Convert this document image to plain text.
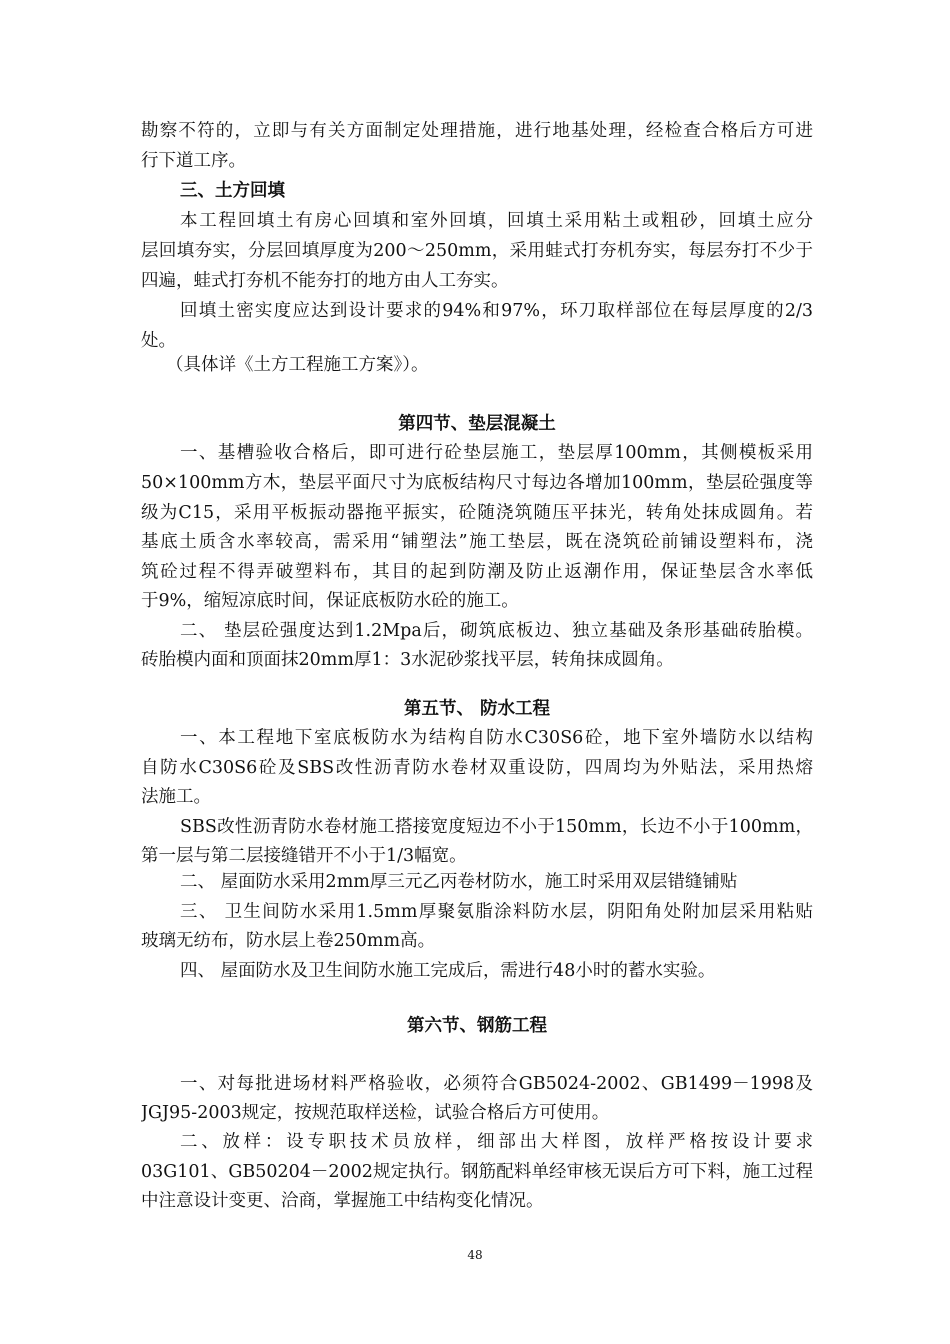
勘察不符的，立即与有关方面制定处理措施，进行地基处理，经检查合格后方可进
行下道工序。
三、土方回填
本工程回填土有房心回填和室外回填，回填土采用粘土或粗砂，回填土应分
层回填夯实，分层回填厚度为200～250mm，采用蛙式打夯机夯实，每层夯打不少于
四遍，蛙式打夯机不能夯打的地方由人工夯实。
回填土密实度应达到设计要求的94%和97%，环刀取样部位在每层厚度的2/3
处。
（具体详《土方工程施工方案》）。
第四节、垫层混凝土
一、基槽验收合格后，即可进行砼垫层施工，垫层厚100mm，其侧模板采用
50×100mm方木，垫层平面尺寸为底板结构尺寸每边各增加100mm，垫层砼强度等
级为C15，采用平板振动器拖平振实，砼随浇筑随压平抹光，转角处抹成圆角。若
基底土质含水率较高，需采用“铺塑法”施工垫层，既在浇筑砼前铺设塑料布，浇
筑砼过程不得弄破塑料布，其目的起到防潮及防止返潮作用，保证垫层含水率低
于9%，缩短凉底时间，保证底板防水砼的施工。
二、 垫层砼强度达到1.2Mpa后，砌筑底板边、独立基础及条形基础砖胎模。
砖胎模内面和顶面抹20mm厚1：3水泥砂浆找平层，转角抹成圆角。
第五节、 防水工程
一、本工程地下室底板防水为结构自防水C30S6砼，地下室外墙防水以结构
自防水C30S6砼及SBS改性沥青防水卷材双重设防，四周均为外贴法，采用热熔
法施工。
SBS改性沥青防水卷材施工搭接宽度短边不小于150mm，长边不小于100mm，
第一层与第二层接缝错开不小于1/3幅宽。
二、 屋面防水采用2mm厚三元乙丙卷材防水，施工时采用双层错缝铺贴
三、 卫生间防水采用1.5mm厚聚氨脂涂料防水层，阴阳角处附加层采用粘贴
玻璃无纺布，防水层上卷250mm高。
四、 屋面防水及卫生间防水施工完成后，需进行48小时的蓄水实验。
第六节、钢筋工程
一、对每批进场材料严格验收，必须符合GB5024-2002、GB1499－1998及
JGJ95-2003规定，按规范取样送检，试验合格后方可使用。
二、放样：设专职技术员放样，细部出大样图，放样严格按设计要求
03G101、GB50204－2002规定执行。钢筋配料单经审核无误后方可下料，施工过程
中注意设计变更、洽商，掌握施工中结构变化情况。
48
